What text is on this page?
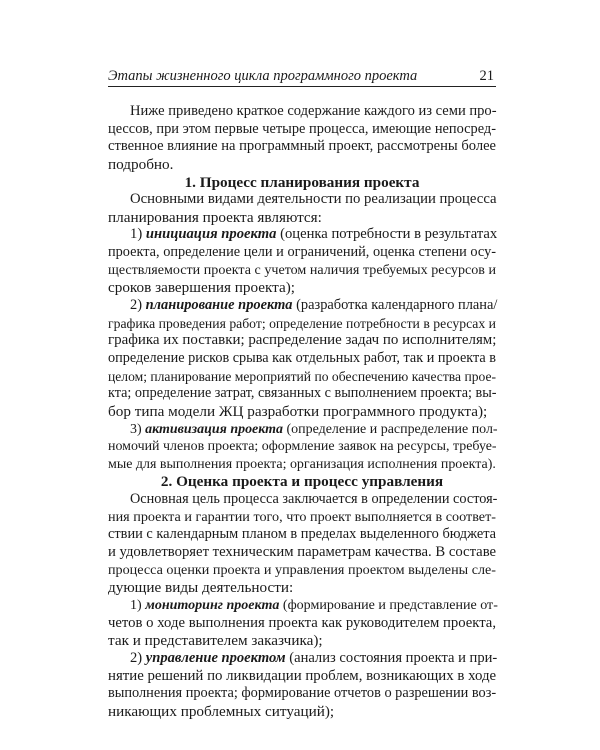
Этапы жизненного цикла программного проекта	21
Ниже приведено краткое содержание каждого из семи про-
цессов, при этом первые четыре процесса, имеющие непосред-
ственное влияние на программный проект, рассмотрены более
подробно.
1. Процесс планирования проекта
Основными видами деятельности по реализации процесса
планирования проекта являются:
1) инициация проекта (оценка потребности в результатах
проекта, определение цели и ограничений, оценка степени осу-
ществляемости проекта с учетом наличия требуемых ресурсов и
сроков завершения проекта);
2) планирование проекта (разработка календарного плана/
графика проведения работ; определение потребности в ресурсах и
графика их поставки; распределение задач по исполнителям;
определение рисков срыва как отдельных работ, так и проекта в
целом; планирование мероприятий по обеспечению качества прое-
кта; определение затрат, связанных с выполнением проекта; вы-
бор типа модели ЖЦ разработки программного продукта);
3) активизация проекта (определение и распределение пол-
номочий членов проекта; оформление заявок на ресурсы, требуе-
мые для выполнения проекта; организация исполнения проекта).
2. Оценка проекта и процесс управления
Основная цель процесса заключается в определении состоя-
ния проекта и гарантии того, что проект выполняется в соответ-
ствии с календарным планом в пределах выделенного бюджета
и удовлетворяет техническим параметрам качества. В составе
процесса оценки проекта и управления проектом выделены сле-
дующие виды деятельности:
1) мониторинг проекта (формирование и представление от-
четов о ходе выполнения проекта как руководителем проекта,
так и представителем заказчика);
2) управление проектом (анализ состояния проекта и при-
нятие решений по ликвидации проблем, возникающих в ходе
выполнения проекта; формирование отчетов о разрешении воз-
никающих проблемных ситуаций);
